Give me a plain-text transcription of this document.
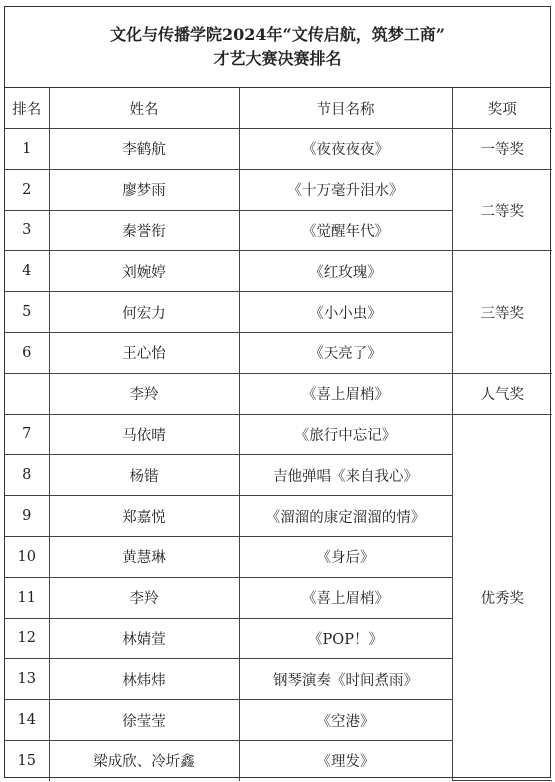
文化与传播学院2024年“文传启航，筑梦工商”
才艺大赛决赛排名
排名	姓名	节目名称	奖项
1	李鹤航	《夜夜夜夜》	一等奖
2	廖梦雨	《十万毫升泪水》	二等奖
3	秦誉衔	《觉醒年代》	
4	刘婉婷	《红玫瑰》	三等奖
5	何宏力	《小小虫》	
6	王心怡	《天亮了》	
	李羚	《喜上眉梢》	人气奖
7	马依晴	《旅行中忘记》	优秀奖
8	杨锴	吉他弹唱《来自我心》	
9	郑嘉悦	《溜溜的康定溜溜的情》	
10	黄慧琳	《身后》	
11	李羚	《喜上眉梢》	
12	林婧萱	《POP！》	
13	林炜炜	钢琴演奏《时间煮雨》	
14	徐莹莹	《空港》	
15	梁成欣、冷圻鑫	《理发》	
